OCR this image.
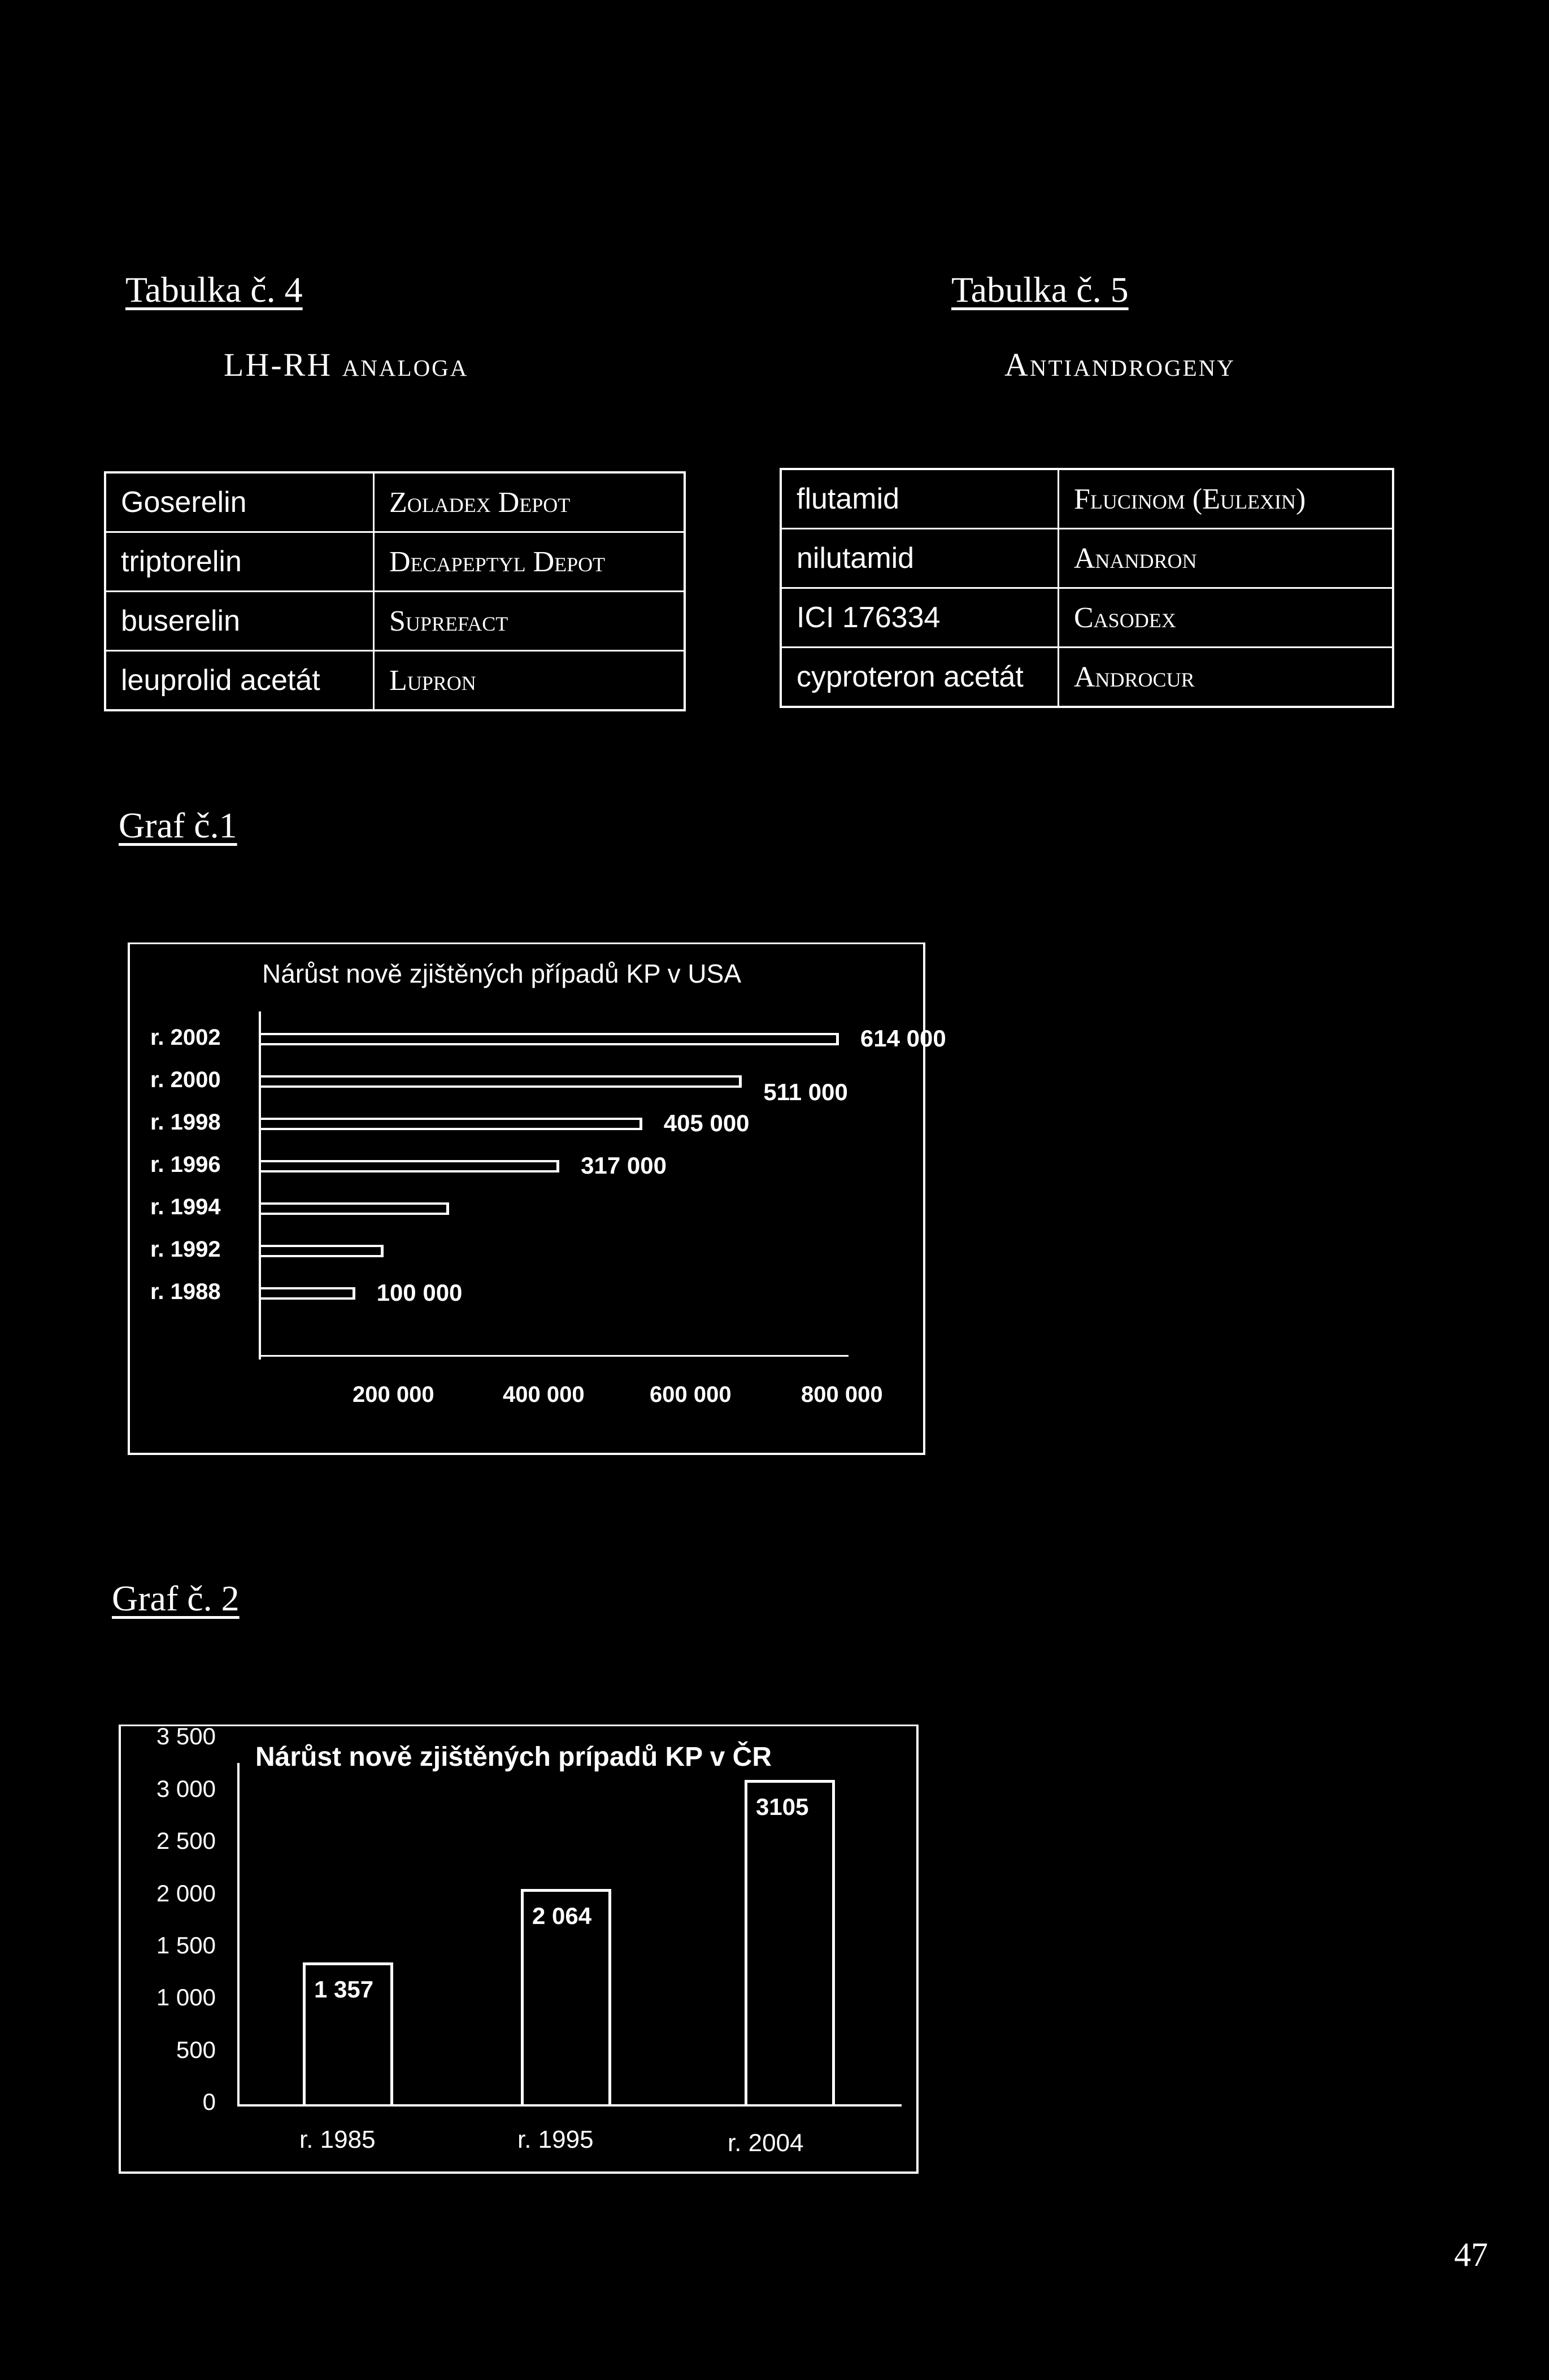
Tabulka č. 4
LH-RH analoga
Goserelin	Zoladex Depot
triptorelin	Decapeptyl Depot
buserelin	Suprefact
leuprolid acetát	Lupron
Tabulka č. 5
Antiandrogeny
flutamid	Flucinom (Eulexin)
nilutamid	Anandron
ICI 176334	Casodex
cyproteron acetát	Androcur
Graf č.1
Nárůst nově zjištěných případů KP v USA
r. 2002	614 000
r. 2000	511 000
r. 1998	405 000
r. 1996	317 000
r. 1994
r. 1992
r. 1988	100 000
200 000	400 000	600 000	800 000
Graf č. 2
Nárůst nově zjištěných prípadů KP v ČR
3 500
3 000
2 500
2 000
1 500
1 000
500
0
1 357
r. 1985
2 064
r. 1995
3105
r. 2004
47
